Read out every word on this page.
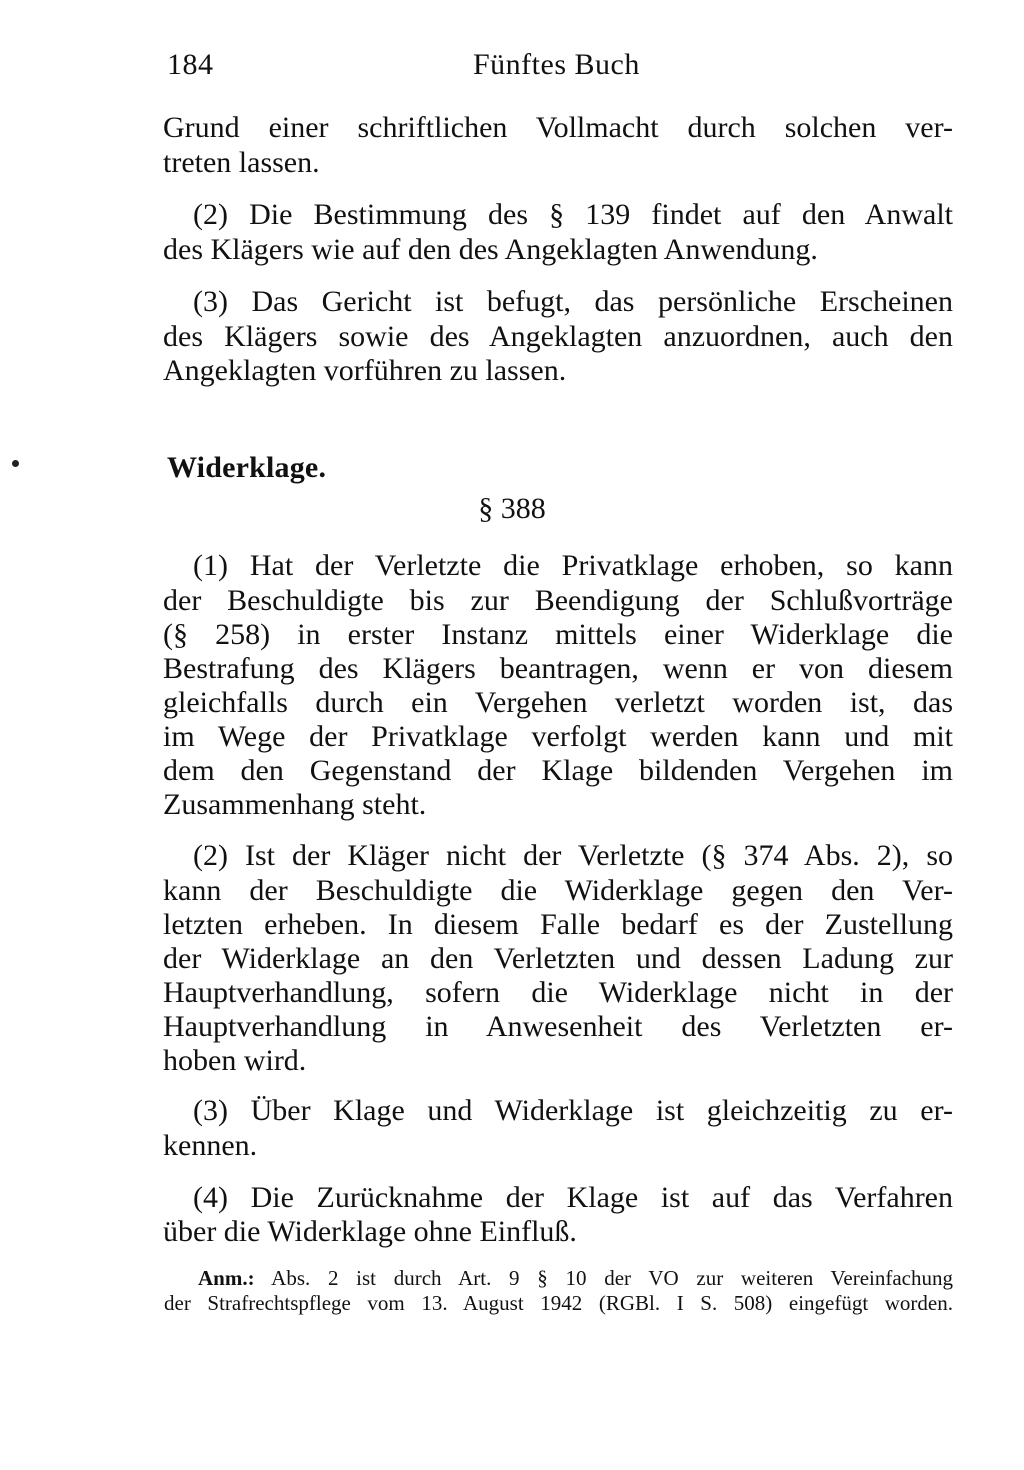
184	Fünftes Buch
Grund einer schriftlichen Vollmacht durch solchen ver-
treten lassen.
(2) Die Bestimmung des § 139 findet auf den Anwalt
des Klägers wie auf den des Angeklagten Anwendung.
(3) Das Gericht ist befugt, das persönliche Erscheinen
des Klägers sowie des Angeklagten anzuordnen, auch den
Angeklagten vorführen zu lassen.
Widerklage.
§ 388
(1) Hat der Verletzte die Privatklage erhoben, so kann
der Beschuldigte bis zur Beendigung der Schlußvorträge
(§ 258) in erster Instanz mittels einer Widerklage die
Bestrafung des Klägers beantragen, wenn er von diesem
gleichfalls durch ein Vergehen verletzt worden ist, das
im Wege der Privatklage verfolgt werden kann und mit
dem den Gegenstand der Klage bildenden Vergehen im
Zusammenhang steht.
(2) Ist der Kläger nicht der Verletzte (§ 374 Abs. 2), so
kann der Beschuldigte die Widerklage gegen den Ver-
letzten erheben. In diesem Falle bedarf es der Zustellung
der Widerklage an den Verletzten und dessen Ladung zur
Hauptverhandlung, sofern die Widerklage nicht in der
Hauptverhandlung in Anwesenheit des Verletzten er-
hoben wird.
(3) Über Klage und Widerklage ist gleichzeitig zu er-
kennen.
(4) Die Zurücknahme der Klage ist auf das Verfahren
über die Widerklage ohne Einfluß.
Anm.: Abs. 2 ist durch Art. 9 § 10 der VO zur weiteren Vereinfachung
der Strafrechtspflege vom 13. August 1942 (RGBl. I S. 508) eingefügt worden.
